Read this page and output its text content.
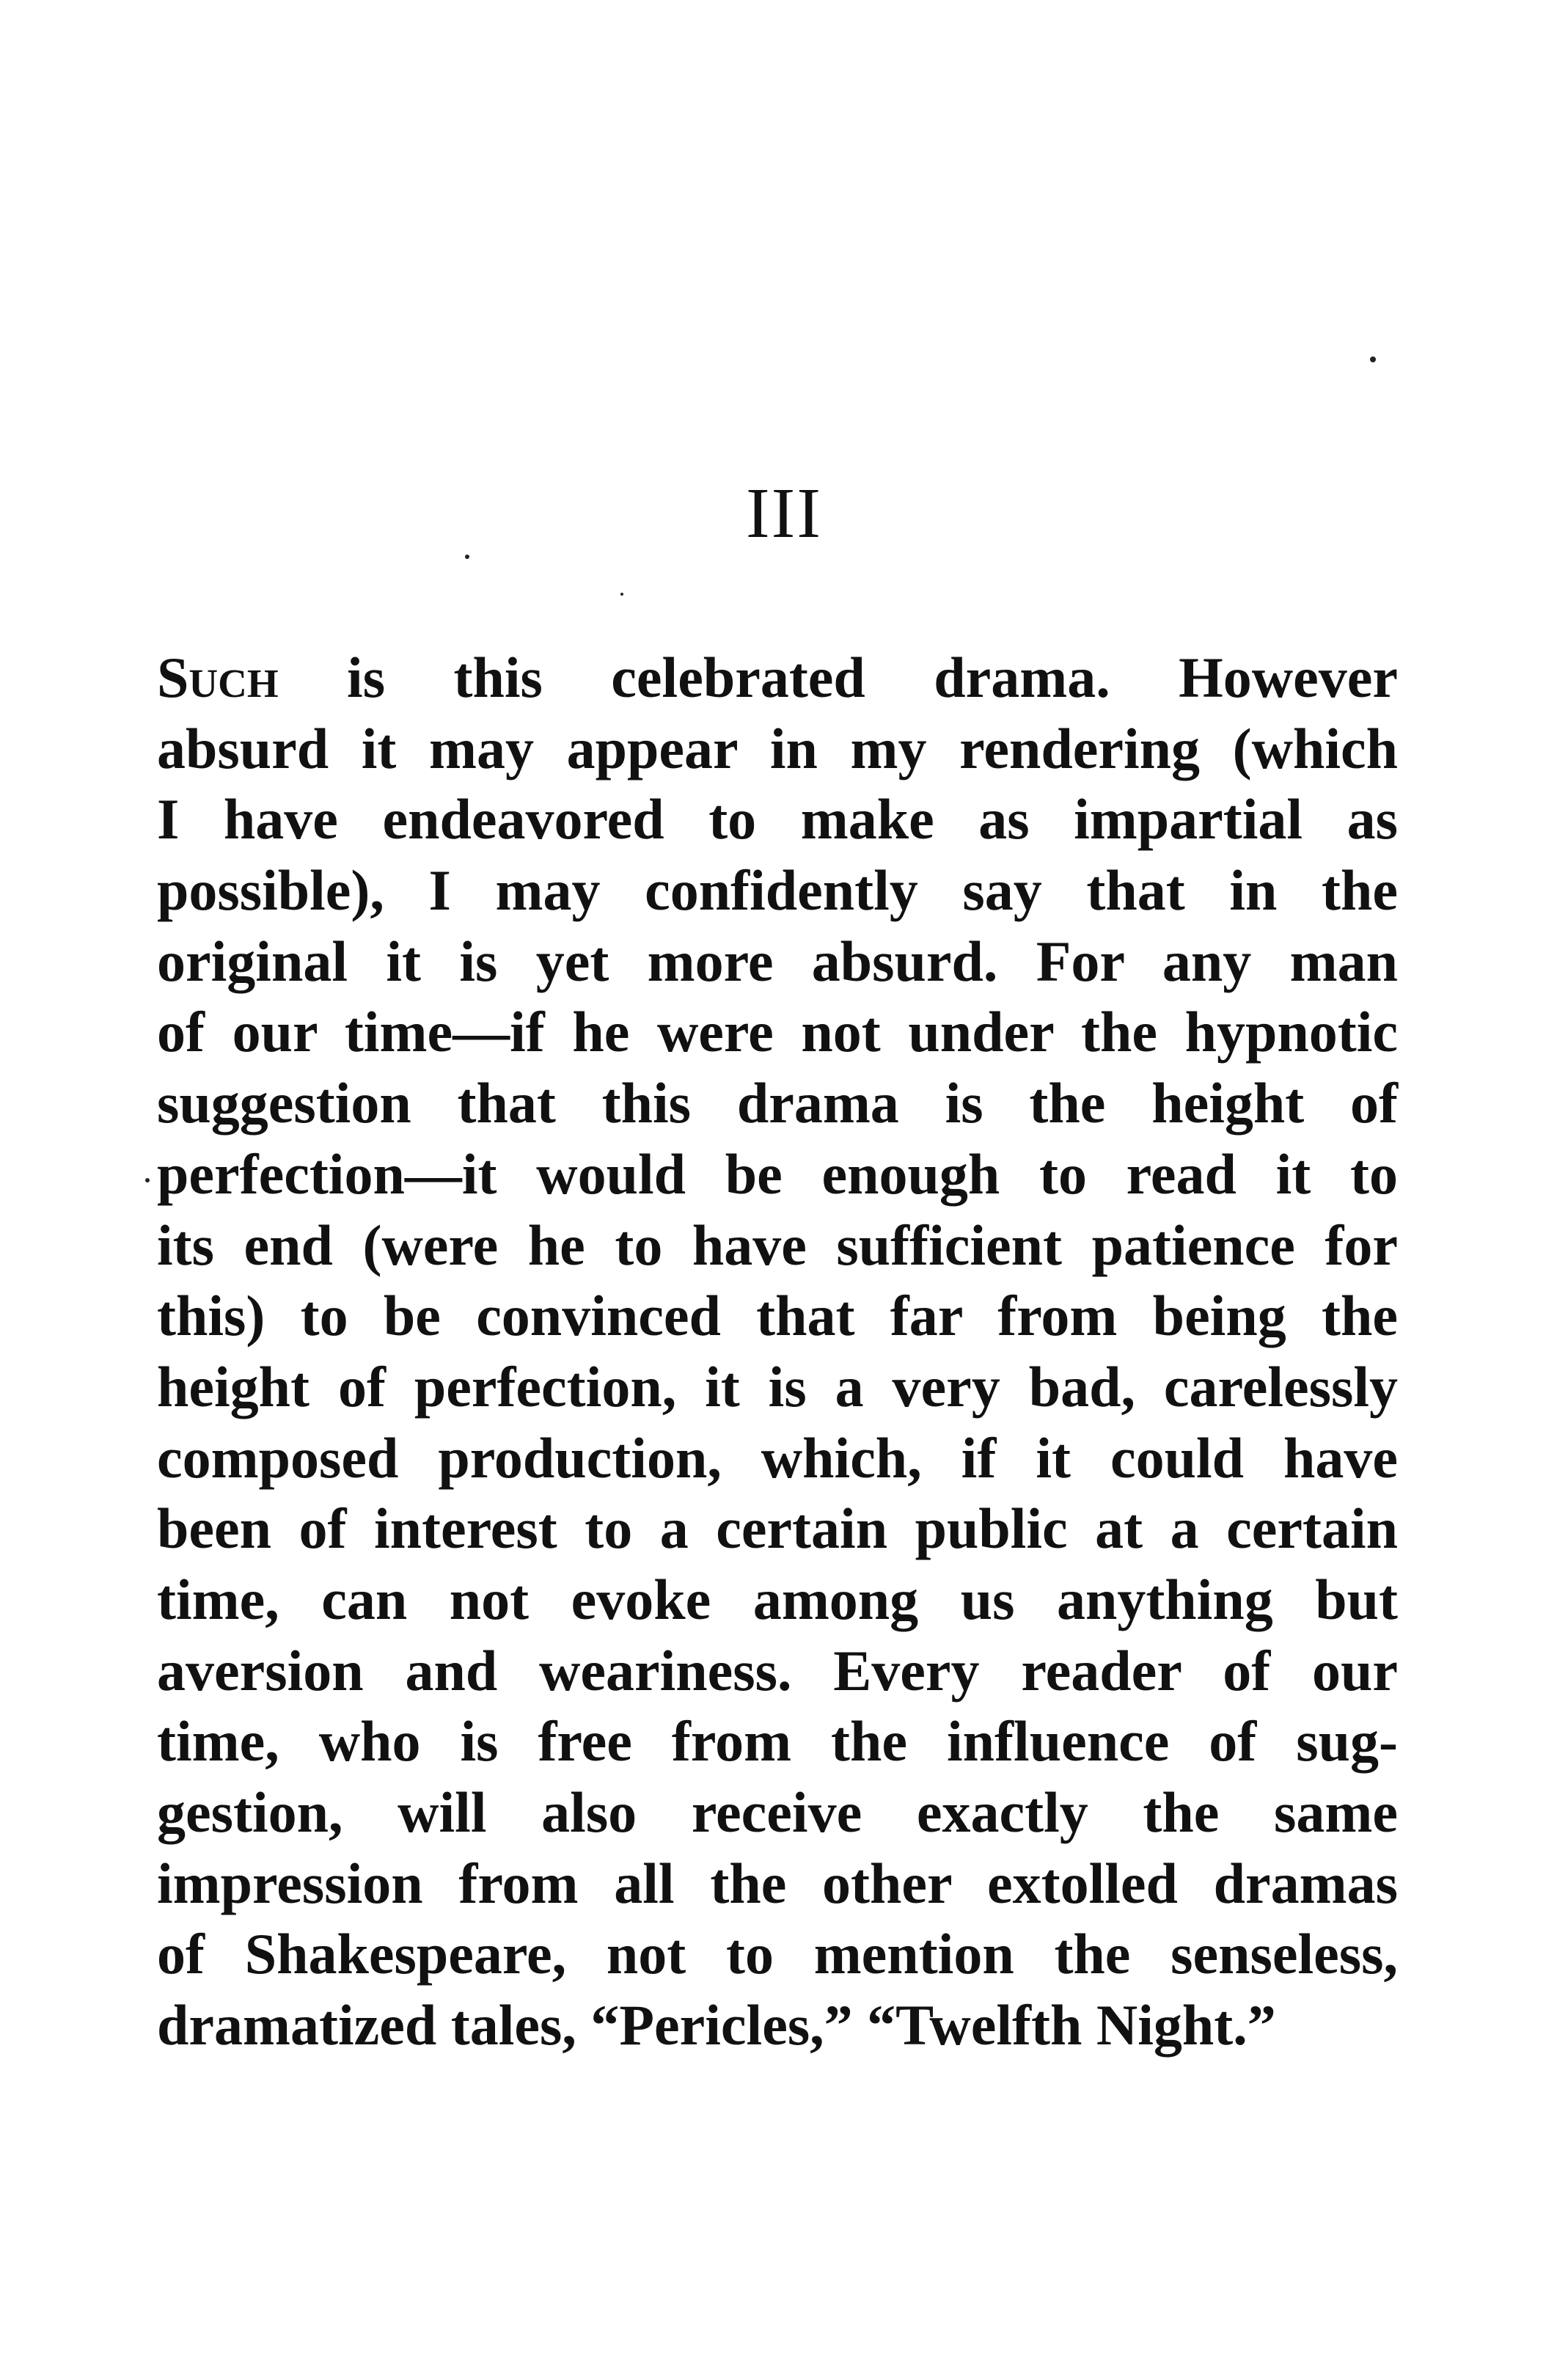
III
Such is this celebrated drama. However
absurd it may appear in my rendering (which
I have endeavored to make as impartial as
possible), I may confidently say that in the
original it is yet more absurd. For any man
of our time—if he were not under the hypnotic
suggestion that this drama is the height of
perfection—it would be enough to read it to
its end (were he to have sufficient patience for
this) to be convinced that far from being the
height of perfection, it is a very bad, carelessly
composed production, which, if it could have
been of interest to a certain public at a certain
time, can not evoke among us anything but
aversion and weariness. Every reader of our
time, who is free from the influence of sug-
gestion, will also receive exactly the same
impression from all the other extolled dramas
of Shakespeare, not to mention the senseless,
dramatized tales, “Pericles,” “Twelfth Night.”
